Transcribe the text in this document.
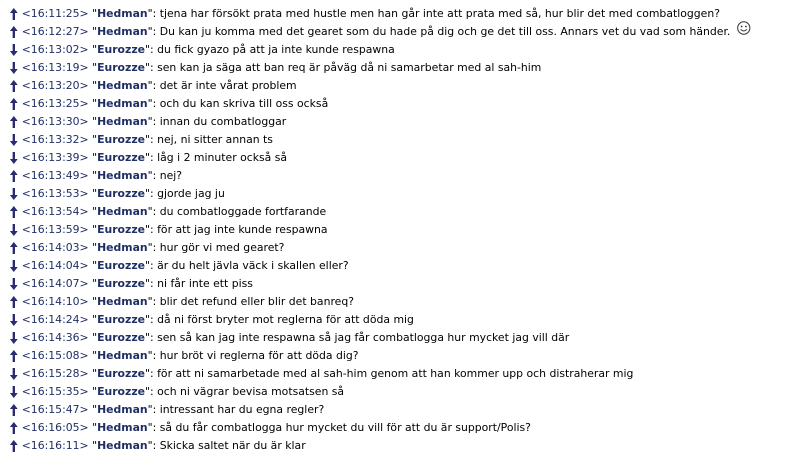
<16:11:25> "Hedman": tjena har försökt prata med hustle men han går inte att prata med så, hur blir det med combatloggen?
<16:12:27> "Hedman": Du kan ju komma med det gearet som du hade på dig och ge det till oss. Annars vet du vad som händer.
<16:13:02> "Eurozze": du fick gyazo på att ja inte kunde respawna
<16:13:19> "Eurozze": sen kan ja säga att ban req är påväg då ni samarbetar med al sah-him
<16:13:20> "Hedman": det är inte vårat problem
<16:13:25> "Hedman": och du kan skriva till oss också
<16:13:30> "Hedman": innan du combatloggar
<16:13:32> "Eurozze": nej, ni sitter annan ts
<16:13:39> "Eurozze": låg i 2 minuter också så
<16:13:49> "Hedman": nej?
<16:13:53> "Eurozze": gjorde jag ju
<16:13:54> "Hedman": du combatloggade fortfarande
<16:13:59> "Eurozze": för att jag inte kunde respawna
<16:14:03> "Hedman": hur gör vi med gearet?
<16:14:04> "Eurozze": är du helt jävla väck i skallen eller?
<16:14:07> "Eurozze": ni får inte ett piss
<16:14:10> "Hedman": blir det refund eller blir det banreq?
<16:14:24> "Eurozze": då ni först bryter mot reglerna för att döda mig
<16:14:36> "Eurozze": sen så kan jag inte respawna så jag får combatlogga hur mycket jag vill där
<16:15:08> "Hedman": hur bröt vi reglerna för att döda dig?
<16:15:28> "Eurozze": för att ni samarbetade med al sah-him genom att han kommer upp och distraherar mig
<16:15:35> "Eurozze": och ni vägrar bevisa motsatsen så
<16:15:47> "Hedman": intressant har du egna regler?
<16:16:05> "Hedman": så du får combatlogga hur mycket du vill för att du är support/Polis?
<16:16:11> "Hedman": Skicka saltet när du är klar
